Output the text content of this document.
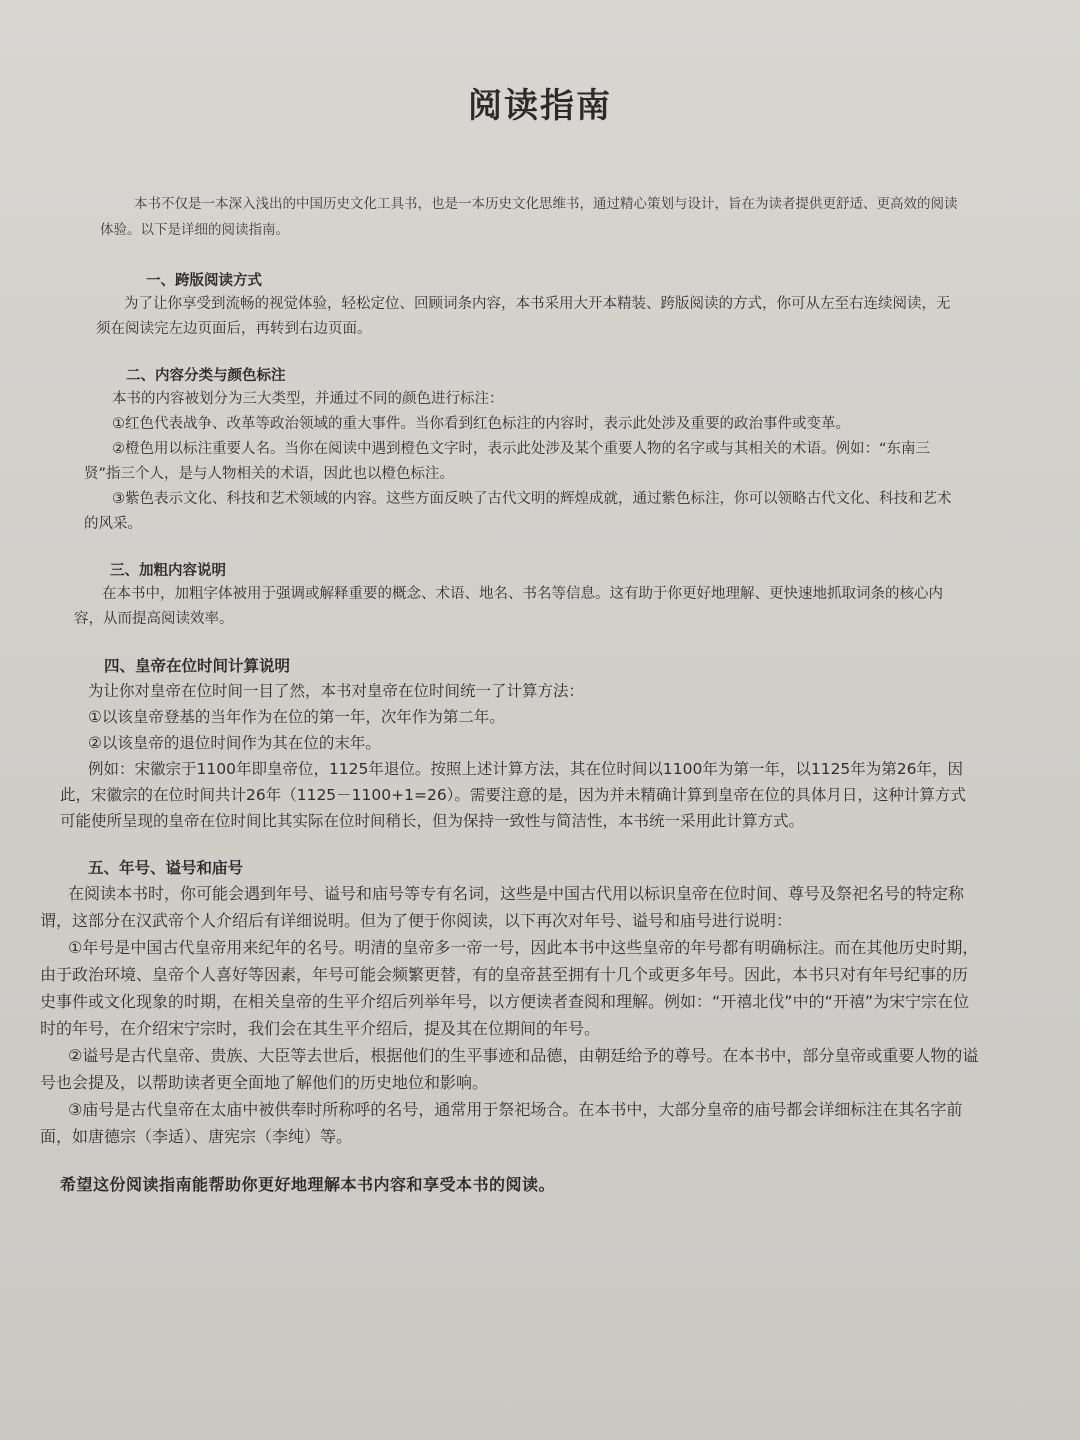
阅读指南

本书不仅是一本深入浅出的中国历史文化工具书，也是一本历史文化思维书，通过精心策划与设计，旨在为读者提供更舒适、更高效的阅读体验。以下是详细的阅读指南。

一、跨版阅读方式

为了让你享受到流畅的视觉体验，轻松定位、回顾词条内容，本书采用大开本精装、跨版阅读的方式，你可从左至右连续阅读，无须在阅读完左边页面后，再转到右边页面。

二、内容分类与颜色标注

本书的内容被划分为三大类型，并通过不同的颜色进行标注：

①红色代表战争、改革等政治领域的重大事件。当你看到红色标注的内容时，表示此处涉及重要的政治事件或变革。

②橙色用以标注重要人名。当你在阅读中遇到橙色文字时，表示此处涉及某个重要人物的名字或与其相关的术语。例如：“东南三贤”指三个人，是与人物相关的术语，因此也以橙色标注。

③紫色表示文化、科技和艺术领域的内容。这些方面反映了古代文明的辉煌成就，通过紫色标注，你可以领略古代文化、科技和艺术的风采。

三、加粗内容说明

在本书中，加粗字体被用于强调或解释重要的概念、术语、地名、书名等信息。这有助于你更好地理解、更快速地抓取词条的核心内容，从而提高阅读效率。

四、皇帝在位时间计算说明

为让你对皇帝在位时间一目了然，本书对皇帝在位时间统一了计算方法：

①以该皇帝登基的当年作为在位的第一年，次年作为第二年。

②以该皇帝的退位时间作为其在位的末年。

例如：宋徽宗于1100年即皇帝位，1125年退位。按照上述计算方法，其在位时间以1100年为第一年，以1125年为第26年，因此，宋徽宗的在位时间共计26年（1125－1100+1=26）。需要注意的是，因为并未精确计算到皇帝在位的具体月日，这种计算方式可能使所呈现的皇帝在位时间比其实际在位时间稍长，但为保持一致性与简洁性，本书统一采用此计算方式。

五、年号、谥号和庙号

在阅读本书时，你可能会遇到年号、谥号和庙号等专有名词，这些是中国古代用以标识皇帝在位时间、尊号及祭祀名号的特定称谓，这部分在汉武帝个人介绍后有详细说明。但为了便于你阅读，以下再次对年号、谥号和庙号进行说明：

①年号是中国古代皇帝用来纪年的名号。明清的皇帝多一帝一号，因此本书中这些皇帝的年号都有明确标注。而在其他历史时期，由于政治环境、皇帝个人喜好等因素，年号可能会频繁更替，有的皇帝甚至拥有十几个或更多年号。因此，本书只对有年号纪事的历史事件或文化现象的时期，在相关皇帝的生平介绍后列举年号，以方便读者查阅和理解。例如：“开禧北伐”中的“开禧”为宋宁宗在位时的年号，在介绍宋宁宗时，我们会在其生平介绍后，提及其在位期间的年号。

②谥号是古代皇帝、贵族、大臣等去世后，根据他们的生平事迹和品德，由朝廷给予的尊号。在本书中，部分皇帝或重要人物的谥号也会提及，以帮助读者更全面地了解他们的历史地位和影响。

③庙号是古代皇帝在太庙中被供奉时所称呼的名号，通常用于祭祀场合。在本书中，大部分皇帝的庙号都会详细标注在其名字前面，如唐德宗（李适）、唐宪宗（李纯）等。

希望这份阅读指南能帮助你更好地理解本书内容和享受本书的阅读。
